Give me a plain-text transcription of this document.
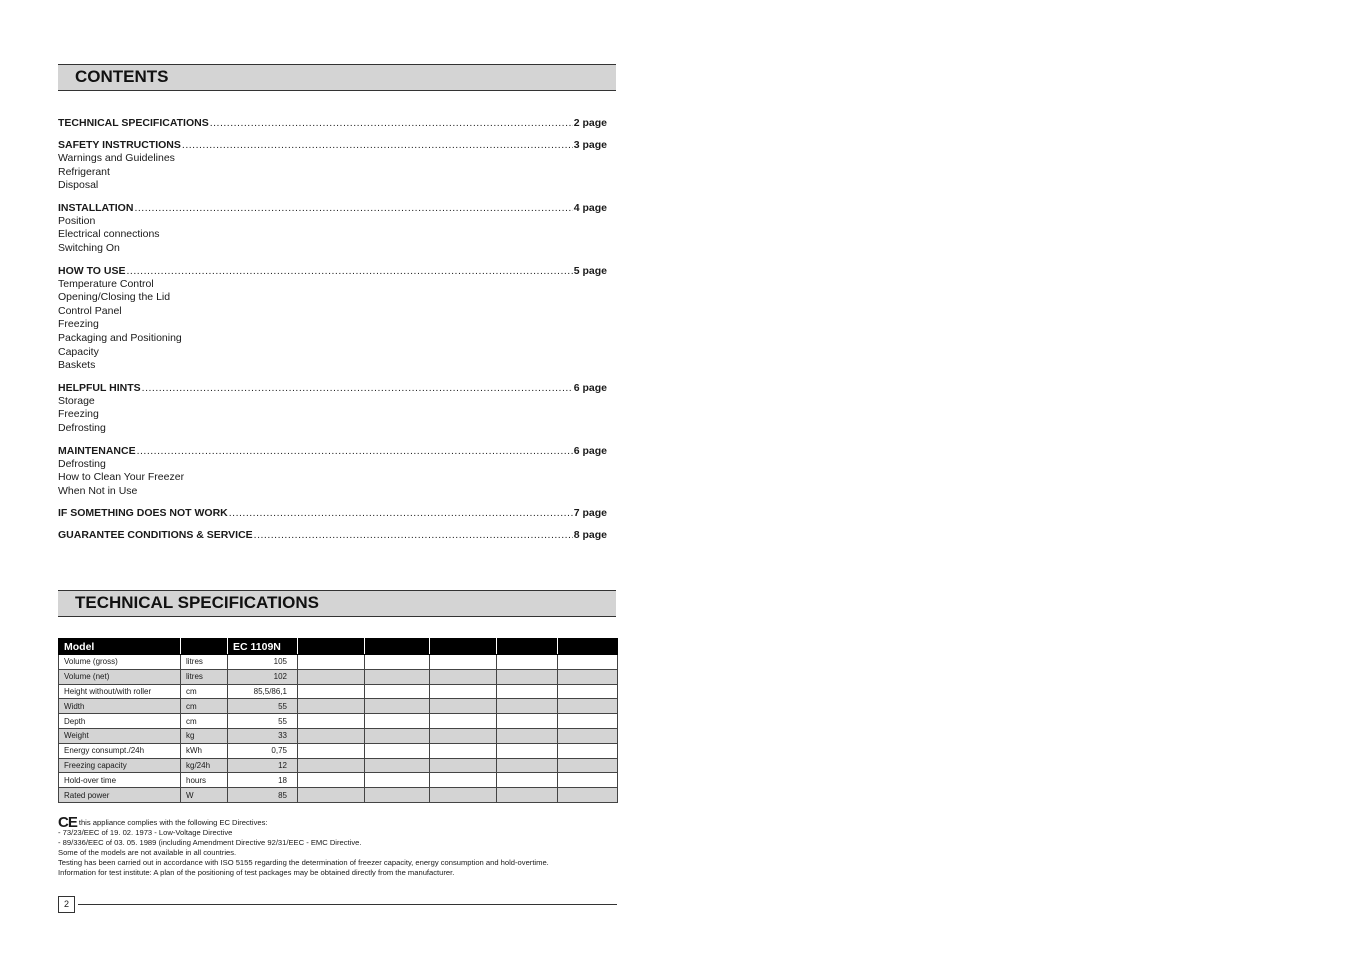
CONTENTS
TECHNICAL SPECIFICATIONS .....	2 page
SAFETY INSTRUCTIONS .....	3 page
Warnings and Guidelines
Refrigerant
Disposal
INSTALLATION .....	4 page
Position
Electrical connections
Switching On
HOW TO USE .....	5 page
Temperature Control
Opening/Closing the Lid
Control Panel
Freezing
Packaging and Positioning
Capacity
Baskets
HELPFUL HINTS .....	6 page
Storage
Freezing
Defrosting
MAINTENANCE .....	6 page
Defrosting
How to Clean Your Freezer
When Not in Use
IF SOMETHING DOES NOT WORK .....	7 page
GUARANTEE CONDITIONS & SERVICE .....	8 page
TECHNICAL SPECIFICATIONS
Model		EC 1109N					
Volume (gross)	litres	105					
Volume (net)	litres	102					
Height without/with roller	cm	85,5/86,1					
Width	cm	55					
Depth	cm	55					
Weight	kg	33					
Energy consumpt./24h	kWh	0,75					
Freezing capacity	kg/24h	12					
Hold-over time	hours	18					
Rated power	W	85					
CE this appliance complies with the following EC Directives:
- 73/23/EEC of 19. 02. 1973 - Low-Voltage Directive
- 89/336/EEC of 03. 05. 1989 (including Amendment Directive 92/31/EEC - EMC Directive.
Some of the models are not available in all countries.
Testing has been carried out in accordance with ISO 5155 regarding the determination of freezer capacity, energy consumption and hold-overtime.
Information for test institute: A plan of the positioning of test packages may be obtained directly from the manufacturer.
2
